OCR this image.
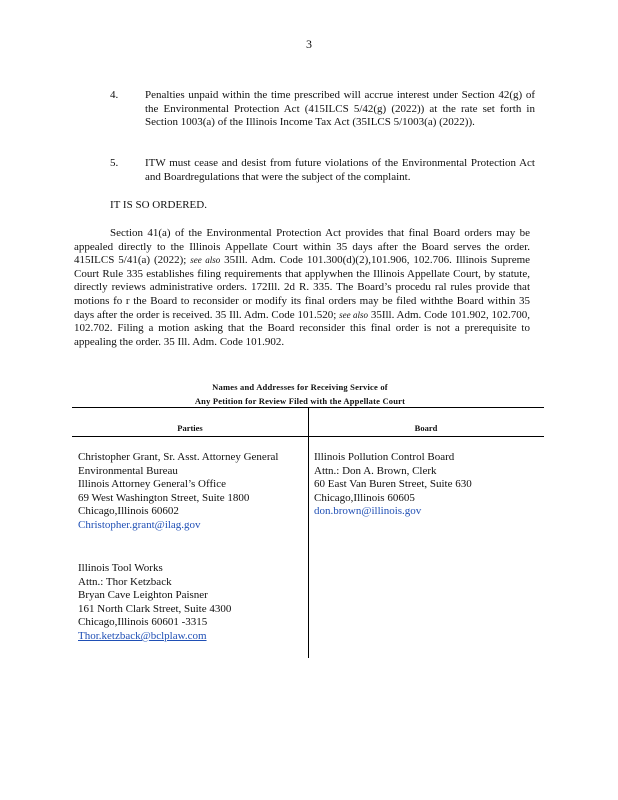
3
4. Penalties unpaid within the time prescribed will accrue interest under Section 42(g) of the Environmental Protection Act (415ILCS 5/42(g) (2022)) at the rate set forth in Section 1003(a) of the Illinois Income Tax Act (35ILCS 5/1003(a) (2022)).
5. ITW must cease and desist from future violations of the Environmental Protection Act and Boardregulations that were the subject of the complaint.
IT IS SO ORDERED.
Section 41(a) of the Environmental Protection Act provides that final Board orders may be appealed directly to the Illinois Appellate Court within 35 days after the Board serves the order. 415ILCS 5/41(a) (2022); see also 35Ill. Adm. Code 101.300(d)(2),101.906, 102.706. Illinois Supreme Court Rule 335 establishes filing requirements that applywhen the Illinois Appellate Court, by statute, directly reviews administrative orders. 172Ill. 2d R. 335. The Board’s procedu ral rules provide that motions fo r the Board to reconsider or modify its final orders may be filed withthe Board within 35 days after the order is received. 35 Ill. Adm. Code 101.520; see also 35Ill. Adm. Code 101.902, 102.700, 102.702. Filing a motion asking that the Board reconsider this final order is not a prerequisite to appealing the order. 35 Ill. Adm. Code 101.902.
Names and Addresses for Receiving Service of
Any Petition for Review Filed with the Appellate Court
Parties	Board
Christopher Grant, Sr. Asst. Attorney General
Environmental Bureau
Illinois Attorney General’s Office
69 West Washington Street, Suite 1800
Chicago,Illinois 60602
Christopher.grant@ilag.gov
Illinois Tool Works
Attn.: Thor Ketzback
Bryan Cave Leighton Paisner
161 North Clark Street, Suite 4300
Chicago,Illinois 60601 -3315
Thor.ketzback@bclplaw.com
Illinois Pollution Control Board
Attn.: Don A. Brown, Clerk
60 East Van Buren Street, Suite 630
Chicago,Illinois 60605
don.brown@illinois.gov
